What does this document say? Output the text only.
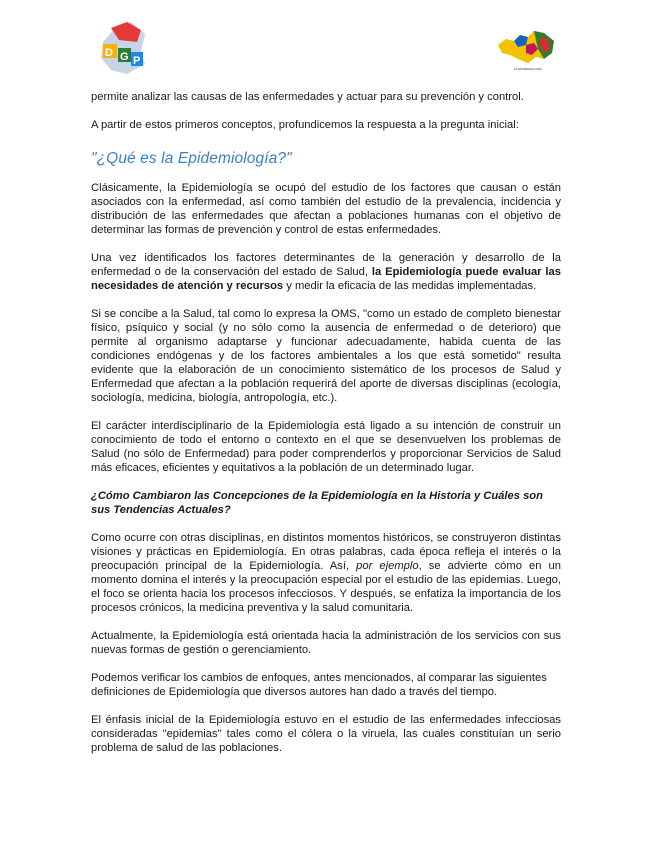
D G P
LA EPIDEMIOLOGÍA

permite analizar las causas de las enfermedades y actuar para su prevención y control.

A partir de estos primeros conceptos, profundicemos la respuesta a la pregunta inicial:

"¿Qué es la Epidemiología?"

Clásicamente, la Epidemiología se ocupó del estudio de los factores que causan o están asociados con la enfermedad, así como también del estudio de la prevalencia, incidencia y distribución de las enfermedades que afectan a poblaciones humanas con el objetivo de determinar las formas de prevención y control de estas enfermedades.

Una vez identificados los factores determinantes de la generación y desarrollo de la enfermedad o de la conservación del estado de Salud, la Epidemiología puede evaluar las necesidades de atención y recursos y medir la eficacia de las medidas implementadas.

Si se concibe a la Salud, tal como lo expresa la OMS, "como un estado de completo bienestar físico, psíquico y social (y no sólo como la ausencia de enfermedad o de deterioro) que permite al organismo adaptarse y funcionar adecuadamente, habida cuenta de las condiciones endógenas y de los factores ambientales a los que está sometido" resulta evidente que la elaboración de un conocimiento sistemático de los procesos de Salud y Enfermedad que afectan a la población requerirá del aporte de diversas disciplinas (ecología, sociología, medicina, biología, antropología, etc.).

El carácter interdisciplinario de la Epidemiología está ligado a su intención de construir un conocimiento de todo el entorno o contexto en el que se desenvuelven los problemas de Salud (no sólo de Enfermedad) para poder comprenderlos y proporcionar Servicios de Salud más eficaces, eficientes y equitativos a la población de un determinado lugar.

¿Cómo Cambiaron las Concepciones de la Epidemiología en la Historia y Cuáles son sus Tendencias Actuales?

Como ocurre con otras disciplinas, en distintos momentos históricos, se construyeron distintas visiones y prácticas en Epidemiología. En otras palabras, cada época refleja el interés o la preocupación principal de la Epidemiología. Así, por ejemplo, se advierte cómo en un momento domina el interés y la preocupación especial por el estudio de las epidemias. Luego, el foco se orienta hacia los procesos infecciosos. Y después, se enfatiza la importancia de los procesos crónicos, la medicina preventiva y la salud comunitaria.

Actualmente, la Epidemiología está orientada hacia la administración de los servicios con sus nuevas formas de gestión o gerenciamiento.

Podemos verificar los cambios de enfoques, antes mencionados, al comparar las siguientes definiciones de Epidemiología que diversos autores han dado a través del tiempo.

El énfasis inicial de la Epidemiología estuvo en el estudio de las enfermedades infecciosas consideradas "epidemias" tales como el cólera o la viruela, las cuales constituían un serio problema de salud de las poblaciones.
